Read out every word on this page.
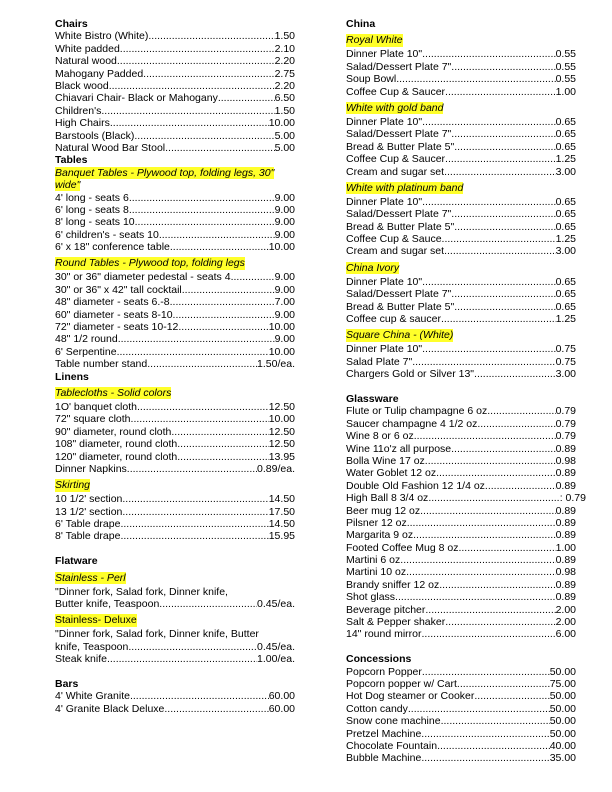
Chairs
White Bistro (White) .....	1.50
White padded .....	2.10
Natural wood .....	2.20
Mahogany Padded .....	2.75
Black wood .....	2.20
Chiavari Chair- Black or Mahogany .....	6.50
Children's .....	1.50
High Chairs .....	10.00
Barstools (Black) .....	5.00
Natural Wood Bar Stool .....	5.00
Tables
Banquet Tables - Plywood top, folding legs, 30"
wide"
4' long - seats 6 .....	9.00
6' long - seats 8 .....	9.00
8' long - seats 10 .....	9.00
6' children's - seats 10 .....	9.00
6' x 18" conference table .....	10.00
Round Tables - Plywood top, folding legs
30" or 36" diameter pedestal - seats 4 .....	9.00
30" or 36" x 42" tall cocktail .....	9.00
48" diameter - seats 6.-8 .....	7.00
60" diameter - seats 8-10 .....	9.00
72" diameter - seats 10-12 .....	10.00
48" 1/2 round .....	9.00
6' Serpentine .....	10.00
Table number stand .....	1.50/ea.
Linens
Tablecloths - Solid colors
1O' banquet cloth .....	12.50
72" square cloth .....	10.00
90" diameter, round cloth .....	12.50
108" diameter, round cloth .....	12.50
120" diameter, round cloth .....	13.95
Dinner Napkins .....	0.89/ea.
Skirting
10 1/2' section .....	14.50
13 1/2' section .....	17.50
6' Table drape .....	14.50
8' Table drape .....	15.95
Flatware
Stainless - Perl
"Dinner fork, Salad fork, Dinner knife,
Butter knife, Teaspoon .....	0.45/ea.
Stainless- Deluxe
"Dinner fork, Salad fork, Dinner knife, Butter
knife, Teaspoon .....	0.45/ea.
Steak knife .....	1.00/ea.
Bars
4' White Granite .....	60.00
4' Granite Black Deluxe .....	60.00
China
Royal White
Dinner Plate 10" .....	0.55
Salad/Dessert Plate 7" .....	0.55
Soup Bowl .....	0.55
Coffee Cup & Saucer .....	1.00
White with gold band
Dinner Plate 10" .....	0.65
Salad/Dessert Plate 7" .....	0.65
Bread & Butter Plate 5" .....	0.65
Coffee Cup & Saucer .....	1.25
Cream and sugar set .....	3.00
White with platinum band
Dinner Plate 10" .....	0.65
Salad/Dessert Plate 7" .....	0.65
Bread & Butter Plate 5" .....	0.65
Coffee Cup & Sauce .....	1.25
Cream and sugar set .....	3.00
China Ivory
Dinner Plate 10" .....	0.65
Salad/Dessert Plate 7" .....	0.65
Bread & Butter Plate 5" .....	0.65
Coffee cup & saucer .....	1.25
Square China - (White)
Dinner Plate 10" .....	0.75
Salad Plate 7" .....	0.75
Chargers Gold or Silver 13" .....	3.00
Glassware
Flute or Tulip champagne 6 oz .....	0.79
Saucer champagne 4 1/2 oz .....	0.79
Wine 8 or 6 oz .....	0.79
Wine 11o'z all purpose .....	0.89
Bolla Wine 17 oz .....	0.98
Water Goblet 12 oz .....	0.89
Double Old Fashion 12 1/4 oz .....	0.89
High Ball 8 3/4 oz .....	: 0.79
Beer mug 12 oz .....	0.89
Pilsner 12 oz .....	0.89
Margarita 9 oz .....	0.89
Footed Coffee Mug 8 oz .....	1.00
Martini 6 oz .....	0.89
Martini 10 oz .....	0.98
Brandy sniffer 12 oz .....	0.89
Shot glass .....	0.89
Beverage pitcher .....	2.00
Salt & Pepper shaker .....	2.00
14" round mirror .....	6.00
Concessions
Popcorn Popper .....	50.00
Popcorn popper w/ Cart .....	75.00
Hot Dog steamer or Cooker .....	50.00
Cotton candy .....	50.00
Snow cone machine .....	50.00
Pretzel Machine .....	50.00
Chocolate Fountain .....	40.00
Bubble Machine .....	35.00
